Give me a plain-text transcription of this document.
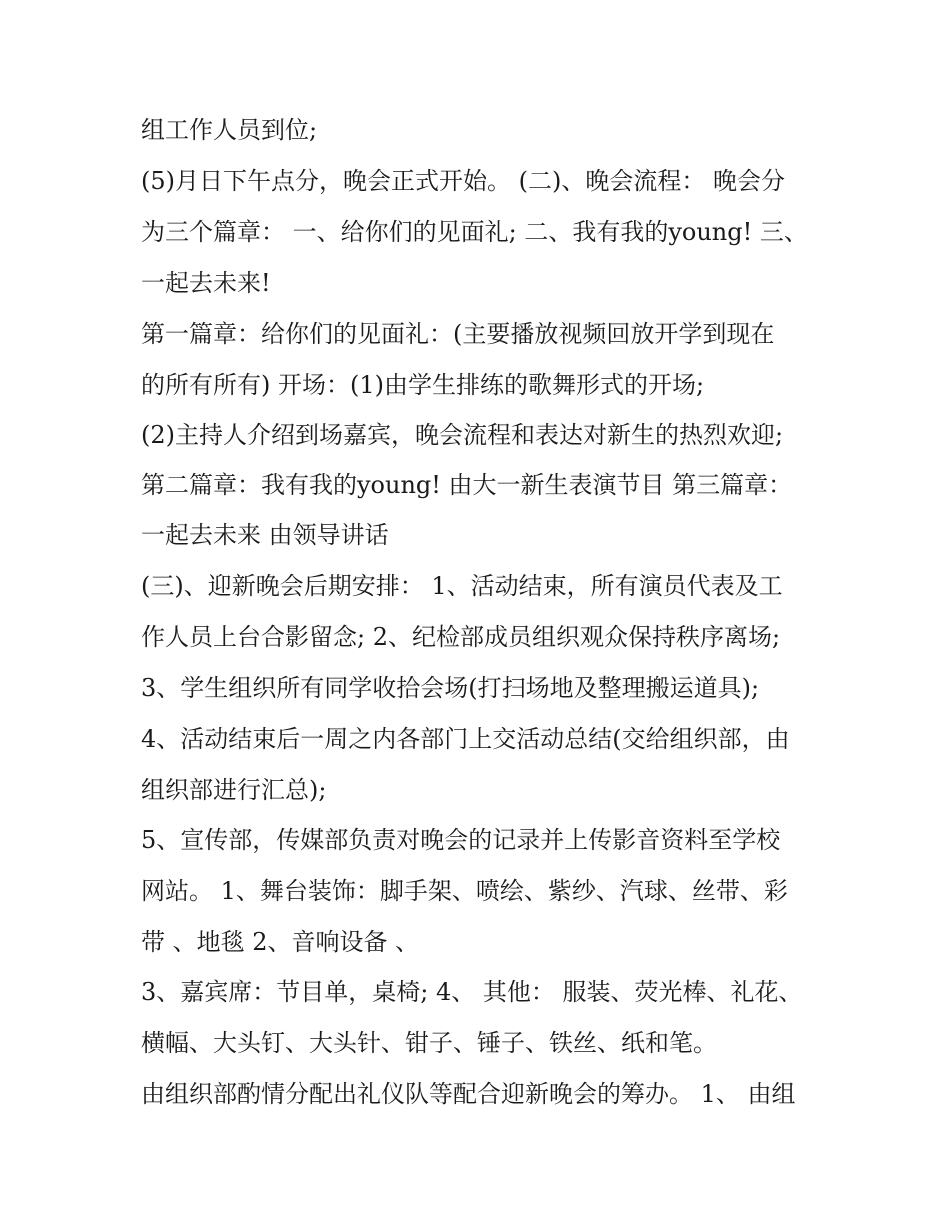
组工作人员到位;
(5)月日下午点分，晚会正式开始。 (二)、晚会流程： 晚会分
为三个篇章： 一、给你们的见面礼; 二、我有我的young! 三、
一起去未来!
第一篇章：给你们的见面礼：(主要播放视频回放开学到现在
的所有所有) 开场：(1)由学生排练的歌舞形式的开场;
(2)主持人介绍到场嘉宾，晚会流程和表达对新生的热烈欢迎;
第二篇章：我有我的young! 由大一新生表演节目 第三篇章：
一起去未来 由领导讲话
(三)、迎新晚会后期安排： 1、活动结束，所有演员代表及工
作人员上台合影留念; 2、纪检部成员组织观众保持秩序离场;
3、学生组织所有同学收拾会场(打扫场地及整理搬运道具);
4、活动结束后一周之内各部门上交活动总结(交给组织部，由
组织部进行汇总);
5、宣传部，传媒部负责对晚会的记录并上传影音资料至学校
网站。 1、舞台装饰：脚手架、喷绘、紫纱、汽球、丝带、彩
带 、地毯 2、音响设备 、
3、嘉宾席：节目单，桌椅; 4、 其他： 服装、荧光棒、礼花、
横幅、大头钉、大头针、钳子、锤子、铁丝、纸和笔。
由组织部酌情分配出礼仪队等配合迎新晚会的筹办。 1、 由组
